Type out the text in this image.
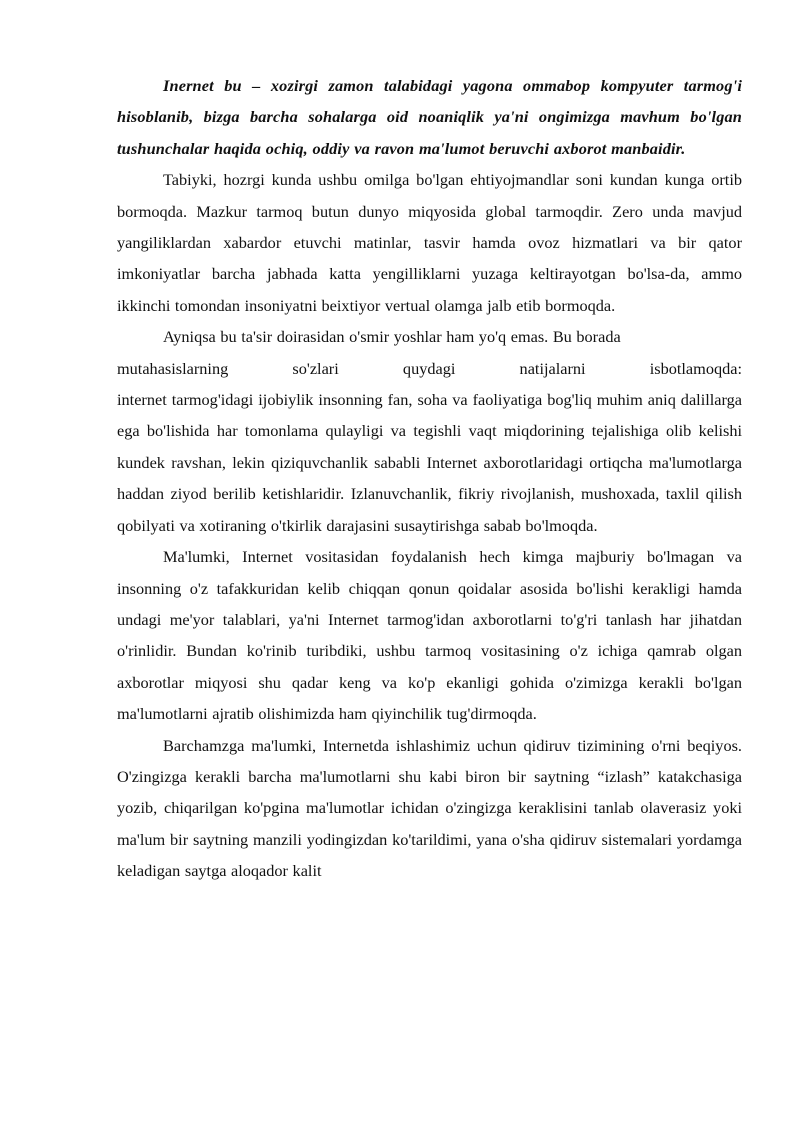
Inernet bu – xozirgi zamon talabidagi yagona ommabop kompyuter tarmog'i hisoblanib, bizga barcha sohalarga oid noaniqlik ya'ni ongimizga mavhum bo'lgan tushunchalar haqida ochiq, oddiy va ravon ma'lumot beruvchi axborot manbaidir.

Tabiyki, hozrgi kunda ushbu omilga bo'lgan ehtiyojmandlar soni kundan kunga ortib bormoqda. Mazkur tarmoq butun dunyo miqyosida global tarmoqdir. Zero unda mavjud yangiliklardan xabardor etuvchi matinlar, tasvir hamda ovoz hizmatlari va bir qator imkoniyatlar barcha jabhada katta yengilliklarni yuzaga keltirayotgan bo'lsa-da, ammo ikkinchi tomondan insoniyatni beixtiyor vertual olamga jalb etib bormoqda.

Ayniqsa bu ta'sir doirasidan o'smir yoshlar ham yo'q emas. Bu borada

mutahasislarning so'zlari quydagi natijalarni isbotlamoqda:

internet tarmog'idagi ijobiylik insonning fan, soha va faoliyatiga bog'liq muhim aniq dalillarga ega bo'lishida har tomonlama qulayligi va tegishli vaqt miqdorining tejalishiga olib kelishi kundek ravshan, lekin qiziquvchanlik sababli Internet axborotlaridagi ortiqcha ma'lumotlarga haddan ziyod berilib ketishlaridir. Izlanuvchanlik, fikriy rivojlanish, mushoxada, taxlil qilish qobilyati va xotiraning o'tkirlik darajasini susaytirishga sabab bo'lmoqda.

Ma'lumki, Internet vositasidan foydalanish hech kimga majburiy bo'lmagan va insonning o'z tafakkuridan kelib chiqqan qonun qoidalar asosida bo'lishi kerakligi hamda undagi me'yor talablari, ya'ni Internet tarmog'idan axborotlarni to'g'ri tanlash har jihatdan o'rinlidir. Bundan ko'rinib turibdiki, ushbu tarmoq vositasining o'z ichiga qamrab olgan axborotlar miqyosi shu qadar keng va ko'p ekanligi gohida o'zimizga kerakli bo'lgan ma'lumotlarni ajratib olishimizda ham qiyinchilik tug'dirmoqda.

Barchamzga ma'lumki, Internetda ishlashimiz uchun qidiruv tizimining o'rni beqiyos. O'zingizga kerakli barcha ma'lumotlarni shu kabi biron bir saytning “izlash” katakchasiga yozib, chiqarilgan ko'pgina ma'lumotlar ichidan o'zingizga keraklisini tanlab olaverasiz yoki ma'lum bir saytning manzili yodingizdan ko'tarildimi, yana o'sha qidiruv sistemalari yordamga keladigan saytga aloqador kalit
